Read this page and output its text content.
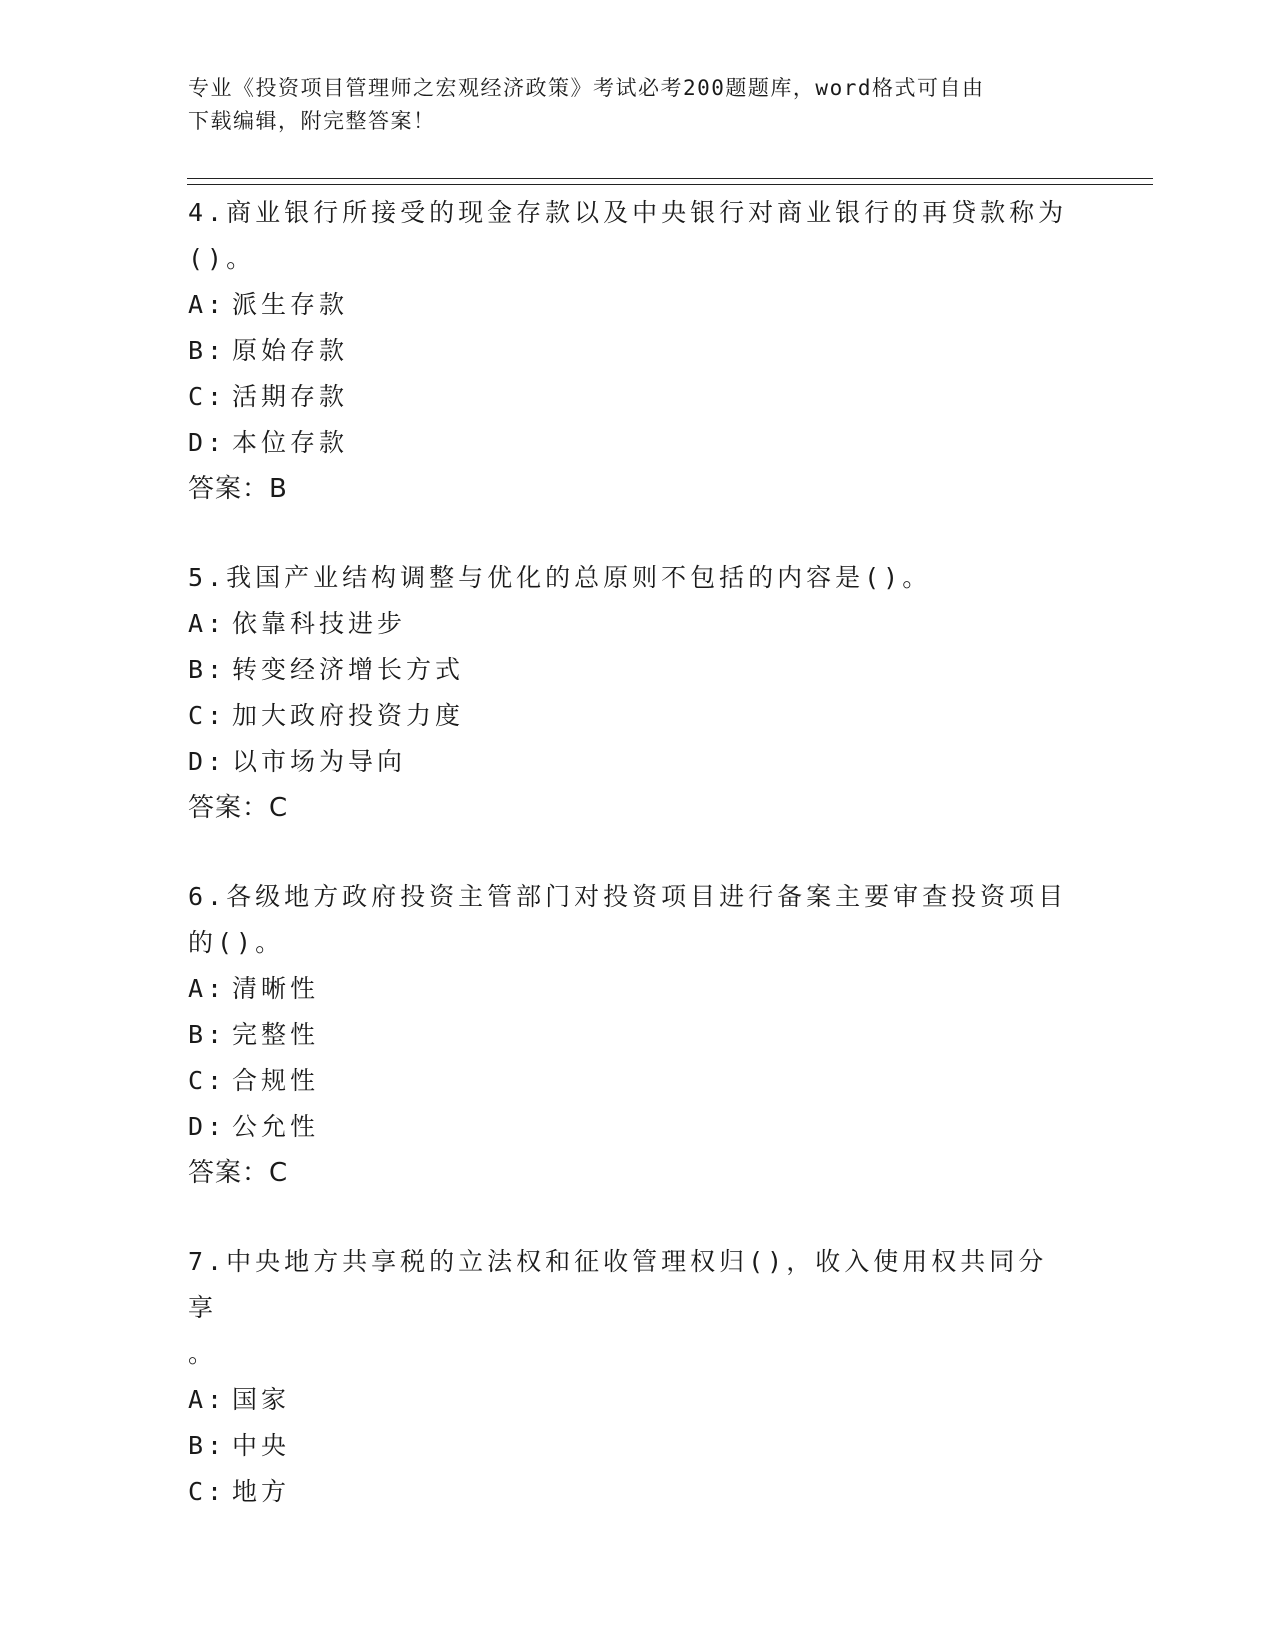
专业《投资项目管理师之宏观经济政策》考试必考200题题库，word格式可自由
下载编辑，附完整答案！

4.商业银行所接受的现金存款以及中央银行对商业银行的再贷款称为

()。

A: 派生存款

B: 原始存款

C: 活期存款

D: 本位存款

答案：B

5.我国产业结构调整与优化的总原则不包括的内容是()。

A: 依靠科技进步

B: 转变经济增长方式

C: 加大政府投资力度

D: 以市场为导向

答案：C

6.各级地方政府投资主管部门对投资项目进行备案主要审查投资项目

的()。

A: 清晰性

B: 完整性

C: 合规性

D: 公允性

答案：C

7.中央地方共享税的立法权和征收管理权归()，收入使用权共同分享

。

A: 国家

B: 中央

C: 地方
